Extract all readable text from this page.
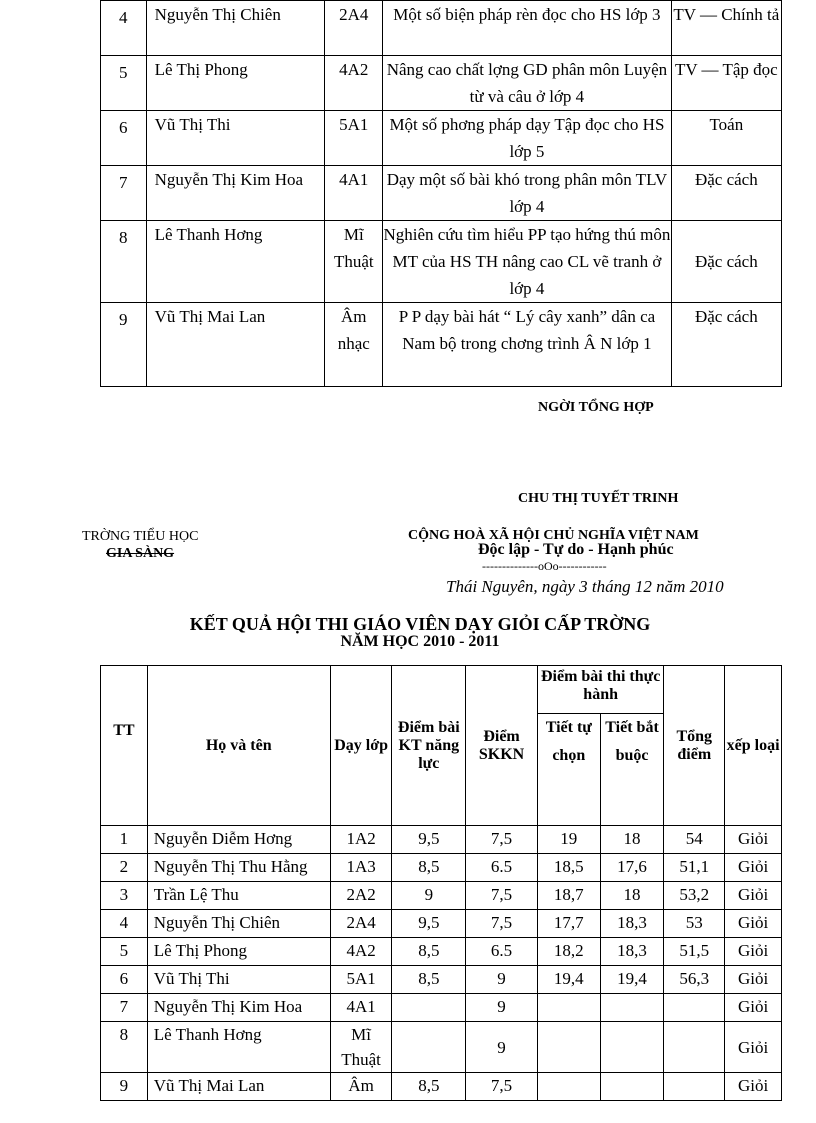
4	Nguyễn Thị Chiên	2A4	Một số biện pháp rèn đọc cho HS lớp 3	TV — Chính tả
5	Lê Thị Phong	4A2	Nâng cao chất lợng GD phân môn Luyện từ và câu ở lớp 4	TV — Tập đọc
6	Vũ Thị Thi	5A1	Một số phơng pháp dạy Tập đọc cho HS lớp 5	Toán
7	Nguyễn Thị Kim Hoa	4A1	Dạy một số bài khó trong phân môn TLV lớp 4	Đặc cách
8	Lê Thanh Hơng	Mĩ Thuật	Nghiên cứu tìm hiểu PP tạo hứng thú môn MT của HS TH nâng cao CL vẽ tranh ở lớp 4	Đặc cách
9	Vũ Thị Mai Lan	Âm nhạc	P P dạy bài hát “ Lý cây xanh” dân ca Nam bộ trong chơng trình Â N lớp 1	Đặc cách
NGỜI TỔNG HỢP
CHU THỊ TUYẾT TRINH
TRỜNG TIỂU HỌC
GIA SÀNG
CỘNG HOÀ XÃ HỘI CHỦ NGHĨA VIỆT NAM
Độc lập - Tự do - Hạnh phúc
--------------oOo------------
Thái Nguyên, ngày 3 tháng 12 năm 2010
KẾT QUẢ HỘI THI GIÁO VIÊN DẠY GIỎI CẤP TRỜNG
NĂM HỌC 2010 - 2011
TT	Họ và tên	Dạy lớp	Điểm bài KT năng lực	Điểm SKKN	Điểm bài thi thực hành		Tổng điểm	xếp loại
					Tiết tự chọn	Tiết bắt buộc		
1	Nguyễn Diễm Hơng	1A2	9,5	7,5	19	18	54	Giỏi
2	Nguyễn Thị Thu Hằng	1A3	8,5	6.5	18,5	17,6	51,1	Giỏi
3	Trần Lệ Thu	2A2	9	7,5	18,7	18	53,2	Giỏi
4	Nguyễn Thị Chiên	2A4	9,5	7,5	17,7	18,3	53	Giỏi
5	Lê Thị Phong	4A2	8,5	6.5	18,2	18,3	51,5	Giỏi
6	Vũ Thị Thi	5A1	8,5	9	19,4	19,4	56,3	Giỏi
7	Nguyễn Thị Kim Hoa	4A1		9				Giỏi
8	Lê Thanh Hơng	Mĩ Thuật		9				Giỏi
9	Vũ Thị Mai Lan	Âm	8,5	7,5				Giỏi
